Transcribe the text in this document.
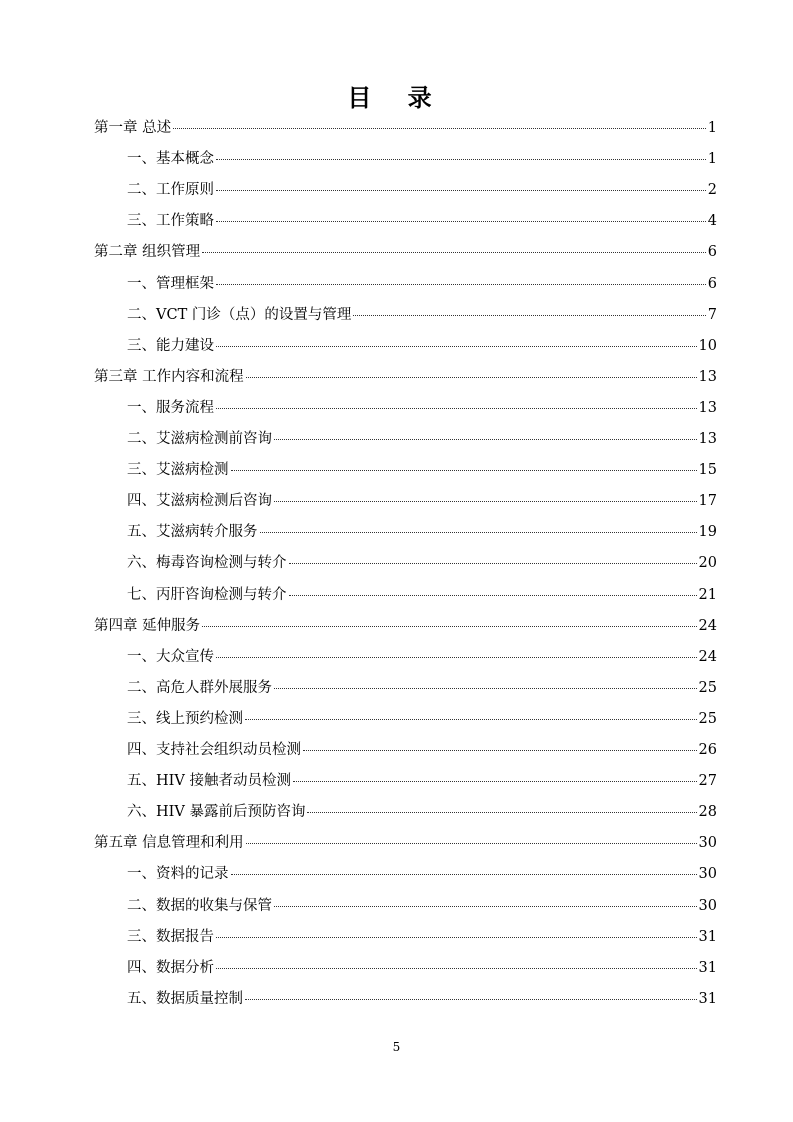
目 录
第一章 总述	1
一、基本概念	1
二、工作原则	2
三、工作策略	4
第二章 组织管理	6
一、管理框架	6
二、VCT 门诊（点）的设置与管理	7
三、能力建设	10
第三章 工作内容和流程	13
一、服务流程	13
二、艾滋病检测前咨询	13
三、艾滋病检测	15
四、艾滋病检测后咨询	17
五、艾滋病转介服务	19
六、梅毒咨询检测与转介	20
七、丙肝咨询检测与转介	21
第四章 延伸服务	24
一、大众宣传	24
二、高危人群外展服务	25
三、线上预约检测	25
四、支持社会组织动员检测	26
五、HIV 接触者动员检测	27
六、HIV 暴露前后预防咨询	28
第五章 信息管理和利用	30
一、资料的记录	30
二、数据的收集与保管	30
三、数据报告	31
四、数据分析	31
五、数据质量控制	31
5
